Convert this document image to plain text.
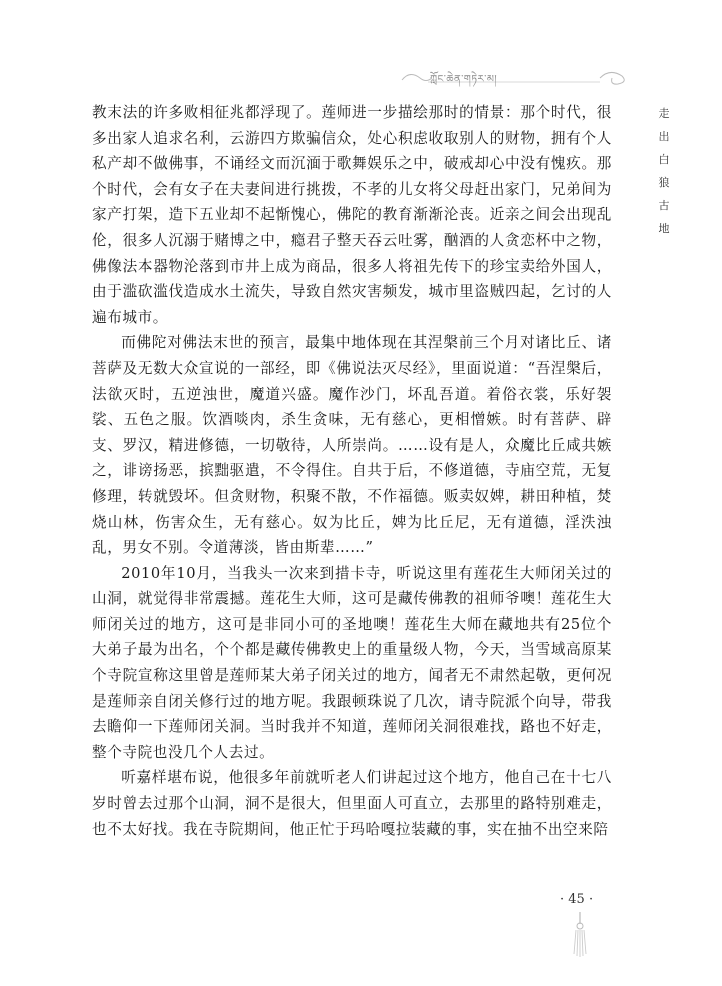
ཀློང་ཆེན་གཏེར་མ།
走
出
白
狼
古
地

教末法的许多败相征兆都浮现了。莲师进一步描绘那时的情景：那个时代，很多出家人追求名利，云游四方欺骗信众，处心积虑收取别人的财物，拥有个人私产却不做佛事，不诵经文而沉湎于歌舞娱乐之中，破戒却心中没有愧疚。那个时代，会有女子在夫妻间进行挑拨，不孝的儿女将父母赶出家门，兄弟间为家产打架，造下五业却不起惭愧心，佛陀的教育渐渐沦丧。近亲之间会出现乱伦，很多人沉溺于赌博之中，瘾君子整天吞云吐雾，酗酒的人贪恋杯中之物，佛像法本器物沦落到市井上成为商品，很多人将祖先传下的珍宝卖给外国人，由于滥砍滥伐造成水土流失，导致自然灾害频发，城市里盗贼四起，乞讨的人遍布城市。

而佛陀对佛法末世的预言，最集中地体现在其涅槃前三个月对诸比丘、诸菩萨及无数大众宣说的一部经，即《佛说法灭尽经》，里面说道：“吾涅槃后，法欲灭时，五逆浊世，魔道兴盛。魔作沙门，坏乱吾道。着俗衣裳，乐好袈裟、五色之服。饮酒啖肉，杀生贪味，无有慈心，更相憎嫉。时有菩萨、辟支、罗汉，精进修德，一切敬待，人所崇尚。……设有是人，众魔比丘咸共嫉之，诽谤扬恶，摈黜驱遣，不令得住。自共于后，不修道德，寺庙空荒，无复修理，转就毁坏。但贪财物，积聚不散，不作福德。贩卖奴婢，耕田种植，焚烧山林，伤害众生，无有慈心。奴为比丘，婢为比丘尼，无有道德，淫泆浊乱，男女不别。令道薄淡，皆由斯辈……”

2010年10月，当我头一次来到措卡寺，听说这里有莲花生大师闭关过的山洞，就觉得非常震撼。莲花生大师，这可是藏传佛教的祖师爷噢！莲花生大师闭关过的地方，这可是非同小可的圣地噢！莲花生大师在藏地共有25位个大弟子最为出名，个个都是藏传佛教史上的重量级人物，今天，当雪域高原某个寺院宣称这里曾是莲师某大弟子闭关过的地方，闻者无不肃然起敬，更何况是莲师亲自闭关修行过的地方呢。我跟顿珠说了几次，请寺院派个向导，带我去瞻仰一下莲师闭关洞。当时我并不知道，莲师闭关洞很难找，路也不好走，整个寺院也没几个人去过。

听嘉样堪布说，他很多年前就听老人们讲起过这个地方，他自己在十七八岁时曾去过那个山洞，洞不是很大，但里面人可直立，去那里的路特别难走，也不太好找。我在寺院期间，他正忙于玛哈嘎拉装藏的事，实在抽不出空来陪

· 45 ·
